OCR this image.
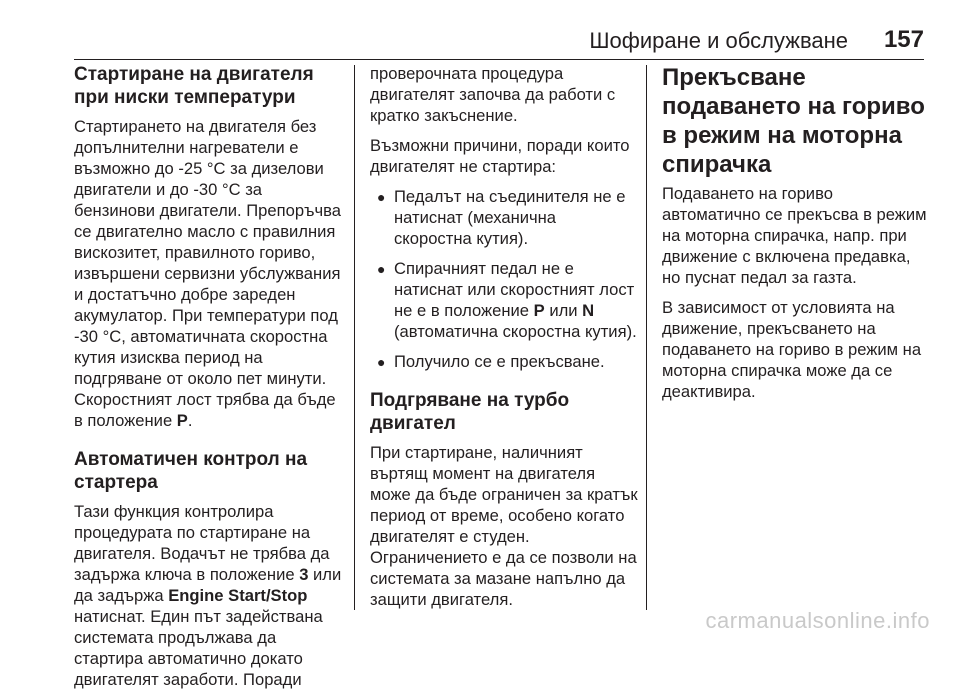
Шофиране и обслужване 157
Стартиране на двигателя при ниски температури

Стартирането на двигателя без допълнителни нагреватели е възможно до -25 °C за дизелови двигатели и до -30 °C за бензинови двигатели. Препоръчва се двигателно масло с правилния вискозитет, правилното гориво, извършени сервизни убслужвания и достатъчно добре зареден акумулатор. При температури под -30 °C, автоматичната скоростна кутия изисква период на подгряване от около пет минути. Скоростният лост трябва да бъде в положение P.

Автоматичен контрол на стартера

Тази функция контролира процедурата по стартиране на двигателя. Водачът не трябва да задържа ключа в положение 3 или да задържа Engine Start/Stop натиснат. Един път задействана системата продължава да стартира автоматично докато двигателят заработи. Поради

проверочната процедура двигателят започва да работи с кратко закъснение.

Възможни причини, поради които двигателят не стартира:

● Педалът на съединителя не е натиснат (механична скоростна кутия).
● Спирачният педал не е натиснат или скоростният лост не е в положение P или N (автоматична скоростна кутия).
● Получило се е прекъсване.
Подгряване на турбо двигател

При стартиране, наличният въртящ момент на двигателя може да бъде ограничен за кратък период от време, особено когато двигателят е студен.

Ограничението е да се позволи на системата за мазане напълно да защити двигателя.

Прекъсване подаването на гориво в режим на моторна спирачка

Подаването на гориво автоматично се прекъсва в режим на моторна спирачка, напр. при движение с включена предавка, но пуснат педал за газта.

В зависимост от условията на движение, прекъсването на подаването на гориво в режим на моторна спирачка може да се деактивира.

carmanualsonline.info
